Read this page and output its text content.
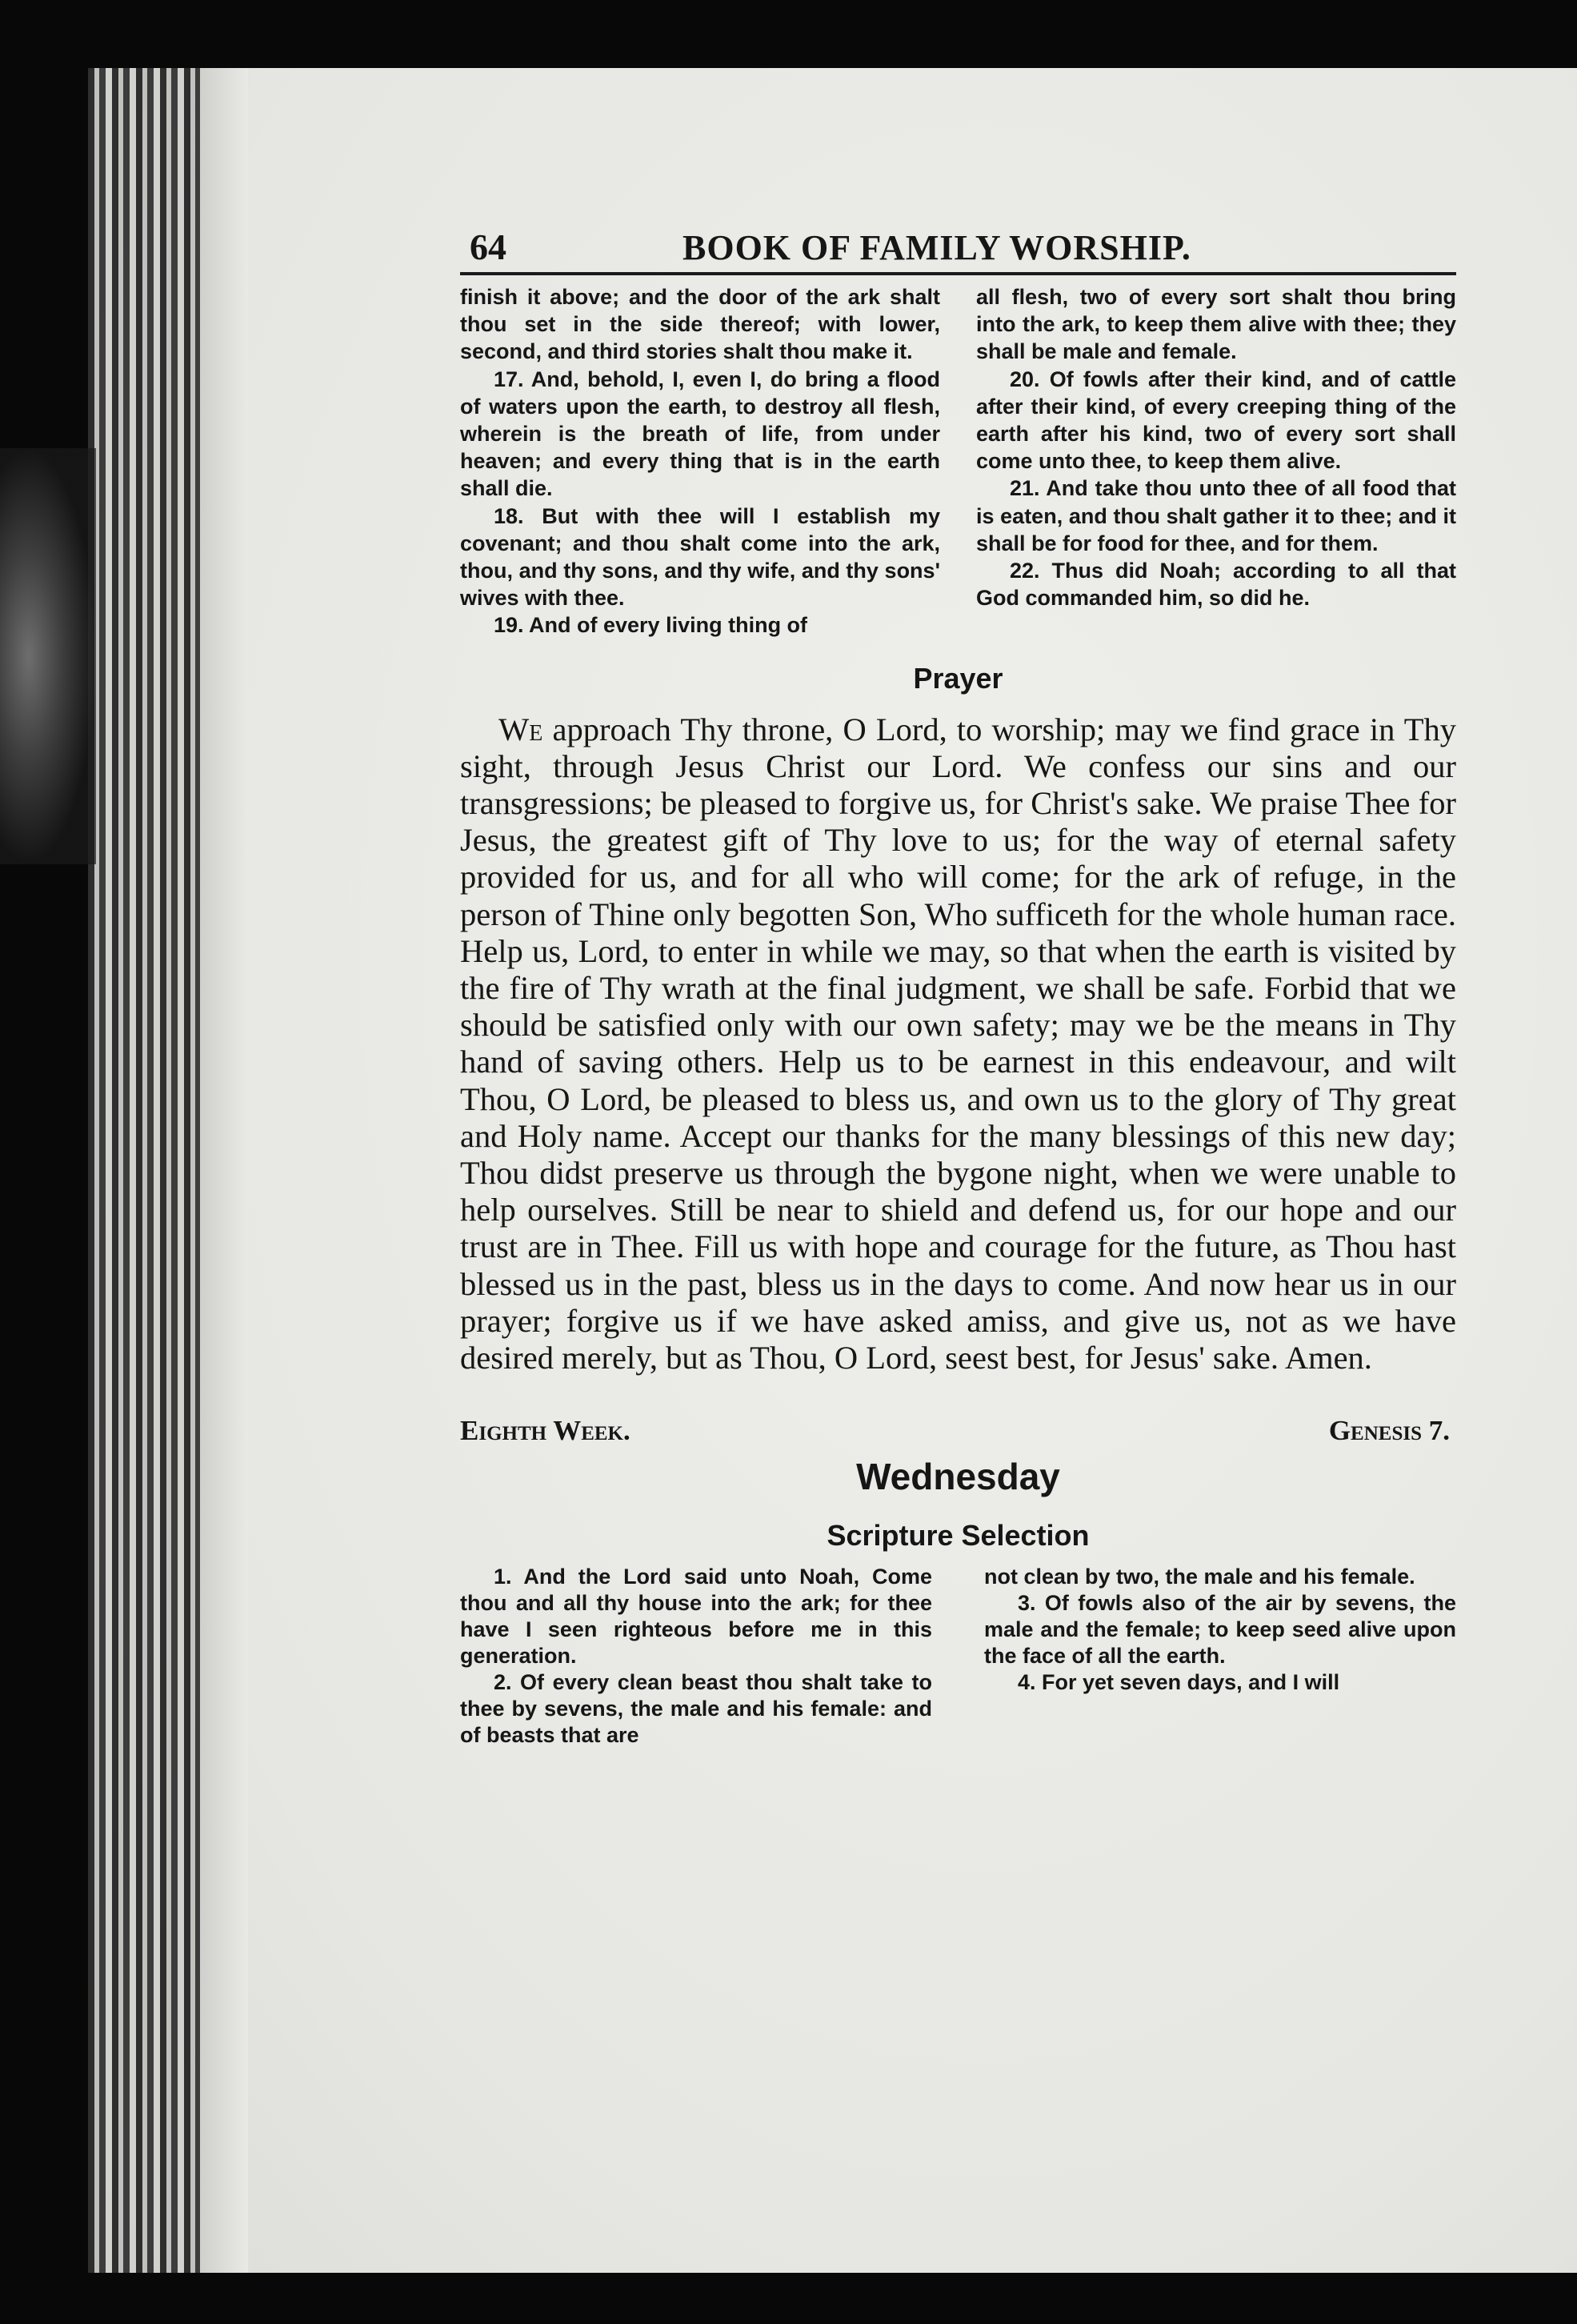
64	BOOK OF FAMILY WORSHIP.

finish it above; and the door of the ark shalt thou set in the side thereof; with lower, second, and third stories shalt thou make it.

17. And, behold, I, even I, do bring a flood of waters upon the earth, to destroy all flesh, wherein is the breath of life, from under heaven; and every thing that is in the earth shall die.

18. But with thee will I establish my covenant; and thou shalt come into the ark, thou, and thy sons, and thy wife, and thy sons' wives with thee.

19. And of every living thing of

all flesh, two of every sort shalt thou bring into the ark, to keep them alive with thee; they shall be male and female.

20. Of fowls after their kind, and of cattle after their kind, of every creeping thing of the earth after his kind, two of every sort shall come unto thee, to keep them alive.

21. And take thou unto thee of all food that is eaten, and thou shalt gather it to thee; and it shall be for food for thee, and for them.

22. Thus did Noah; according to all that God commanded him, so did he.

Prayer
We approach Thy throne, O Lord, to worship; may we find grace in Thy sight, through Jesus Christ our Lord. We confess our sins and our transgressions; be pleased to forgive us, for Christ's sake. We praise Thee for Jesus, the greatest gift of Thy love to us; for the way of eternal safety provided for us, and for all who will come; for the ark of refuge, in the person of Thine only begotten Son, Who sufficeth for the whole human race. Help us, Lord, to enter in while we may, so that when the earth is visited by the fire of Thy wrath at the final judgment, we shall be safe. Forbid that we should be satisfied only with our own safety; may we be the means in Thy hand of saving others. Help us to be earnest in this endeavour, and wilt Thou, O Lord, be pleased to bless us, and own us to the glory of Thy great and Holy name. Accept our thanks for the many blessings of this new day; Thou didst preserve us through the bygone night, when we were unable to help ourselves. Still be near to shield and defend us, for our hope and our trust are in Thee. Fill us with hope and courage for the future, as Thou hast blessed us in the past, bless us in the days to come. And now hear us in our prayer; forgive us if we have asked amiss, and give us, not as we have desired merely, but as Thou, O Lord, seest best, for Jesus' sake. Amen.
Eighth Week.	Genesis 7.
Wednesday
Scripture Selection

1. And the Lord said unto Noah, Come thou and all thy house into the ark; for thee have I seen righteous before me in this generation.

2. Of every clean beast thou shalt take to thee by sevens, the male and his female: and of beasts that are

not clean by two, the male and his female.

3. Of fowls also of the air by sevens, the male and the female; to keep seed alive upon the face of all the earth.

4. For yet seven days, and I will
